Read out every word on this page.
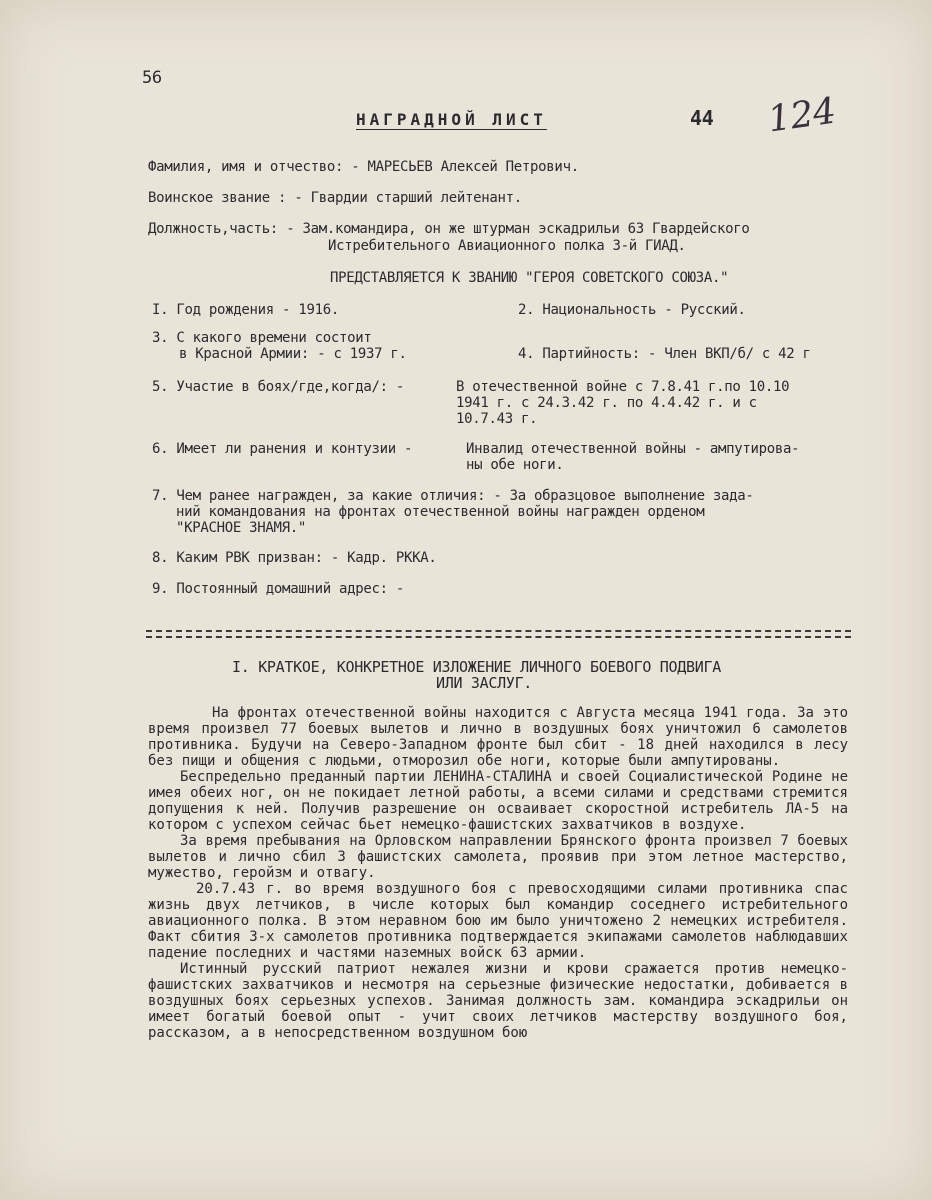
56
НАГРАДНОЙ ЛИСТ	44 124
Фамилия, имя и отчество: - МАРЕСЬЕВ Алексей Петрович.
Воинское звание : - Гвардии старший лейтенант.
Должность,часть: - Зам.командира, он же штурман эскадрильи 63 Гвардейского
Истребительного Авиационного полка 3-й ГИАД.
ПРЕДСТАВЛЯЕТСЯ К ЗВАНИЮ "ГЕРОЯ СОВЕТСКОГО СОЮЗА."
I. Год рождения - 1916.	2. Национальность - Русский.
3. С какого времени состоит
в Красной Армии: - с 1937 г.	4. Партийность: - Член ВКП/б/ с 42 г
5. Участие в боях/где,когда/: -	В отечественной войне с 7.8.41 г.по 10.10
1941 г. с 24.3.42 г. по 4.4.42 г. и с
10.7.43 г.
6. Имеет ли ранения и контузии -	Инвалид отечественной войны - ампутирова-
ны обе ноги.
7. Чем ранее награжден, за какие отличия: - За образцовое выполнение зада-
ний командования на фронтах отечественной войны награжден орденом
"КРАСНОЕ ЗНАМЯ."
8. Каким РВК призван: - Кадр. РККА.
9. Постоянный домашний адрес: -
I. КРАТКОЕ, КОНКРЕТНОЕ ИЗЛОЖЕНИЕ ЛИЧНОГО БОЕВОГО ПОДВИГА
ИЛИ ЗАСЛУГ.

На фронтах отечественной войны находится с Августа месяца 1941 года. За это время произвел 77 боевых вылетов и лично в воздушных боях уничтожил 6 самолетов противника. Будучи на Северо-Западном фронте был сбит - 18 дней находился в лесу без пищи и общения с людьми, отморозил обе ноги, которые были ампутированы.

Беспредельно преданный партии ЛЕНИНА-СТАЛИНА и своей Социалистической Родине не имея обеих ног, он не покидает летной работы, а всеми силами и средствами стремится допущения к ней. Получив разрешение он осваивает скоростной истребитель ЛА-5 на котором с успехом сейчас бьет немецко-фашистских захватчиков в воздухе.

За время пребывания на Орловском направлении Брянского фронта произвел 7 боевых вылетов и лично сбил 3 фашистских самолета, проявив при этом летное мастерство, мужество, геройзм и отвагу.

20.7.43 г. во время воздушного боя с превосходящими силами противника спас жизнь двух летчиков, в числе которых был командир соседнего истребительного авиационного полка. В этом неравном бою им было уничтожено 2 немецких истребителя. Факт сбития 3-х самолетов противника подтверждается экипажами самолетов наблюдавших падение последних и частями наземных войск 63 армии.

Истинный русский патриот нежалея жизни и крови сражается против немецко-фашистских захватчиков и несмотря на серьезные физические недостатки, добивается в воздушных боях серьезных успехов. Занимая должность зам. командира эскадрильи он имеет богатый боевой опыт - учит своих летчиков мастерству воздушного боя, рассказом, а в непосредственном воздушном бою
